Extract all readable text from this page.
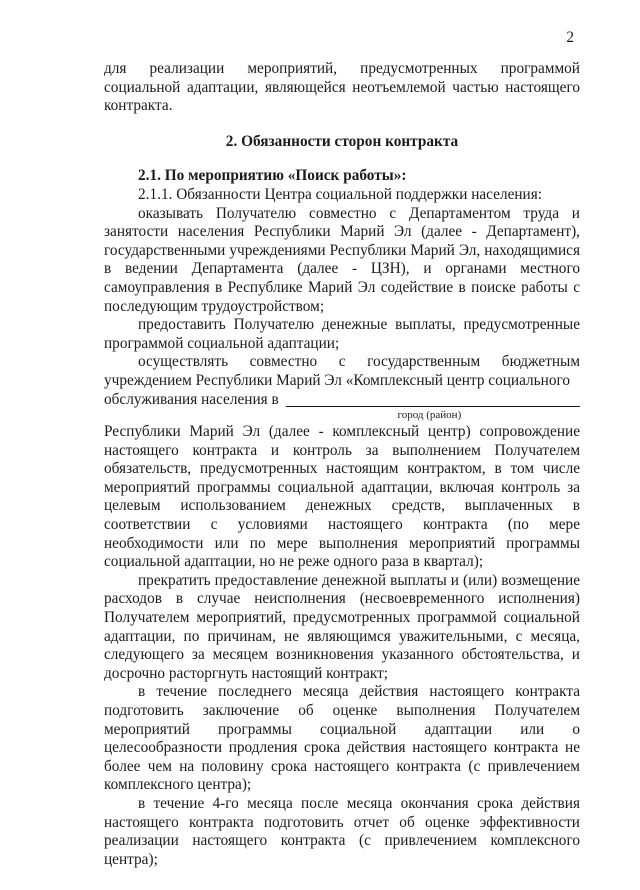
2

для реализации мероприятий, предусмотренных программой социальной адаптации, являющейся неотъемлемой частью настоящего контракта.

2. Обязанности сторон контракта

2.1. По мероприятию «Поиск работы»:

2.1.1. Обязанности Центра социальной поддержки населения:

оказывать Получателю совместно с Департаментом труда и занятости населения Республики Марий Эл (далее - Департамент), государственными учреждениями Республики Марий Эл, находящимися в ведении Департамента (далее - ЦЗН), и органами местного самоуправления в Республике Марий Эл содействие в поиске работы с последующим трудоустройством;

предоставить Получателю денежные выплаты, предусмотренные программой социальной адаптации;

осуществлять совместно с государственным бюджетным учреждением Республики Марий Эл «Комплексный центр социального

обслуживания населения в
город (район)

Республики Марий Эл (далее - комплексный центр) сопровождение настоящего контракта и контроль за выполнением Получателем обязательств, предусмотренных настоящим контрактом, в том числе мероприятий программы социальной адаптации, включая контроль за целевым использованием денежных средств, выплаченных в соответствии с условиями настоящего контракта (по мере необходимости или по мере выполнения мероприятий программы социальной адаптации, но не реже одного раза в квартал);

прекратить предоставление денежной выплаты и (или) возмещение расходов в случае неисполнения (несвоевременного исполнения) Получателем мероприятий, предусмотренных программой социальной адаптации, по причинам, не являющимся уважительными, с месяца, следующего за месяцем возникновения указанного обстоятельства, и досрочно расторгнуть настоящий контракт;

в течение последнего месяца действия настоящего контракта подготовить заключение об оценке выполнения Получателем мероприятий программы социальной адаптации или о целесообразности продления срока действия настоящего контракта не более чем на половину срока настоящего контракта (с привлечением комплексного центра);

в течение 4-го месяца после месяца окончания срока действия настоящего контракта подготовить отчет об оценке эффективности реализации настоящего контракта (с привлечением комплексного центра);
